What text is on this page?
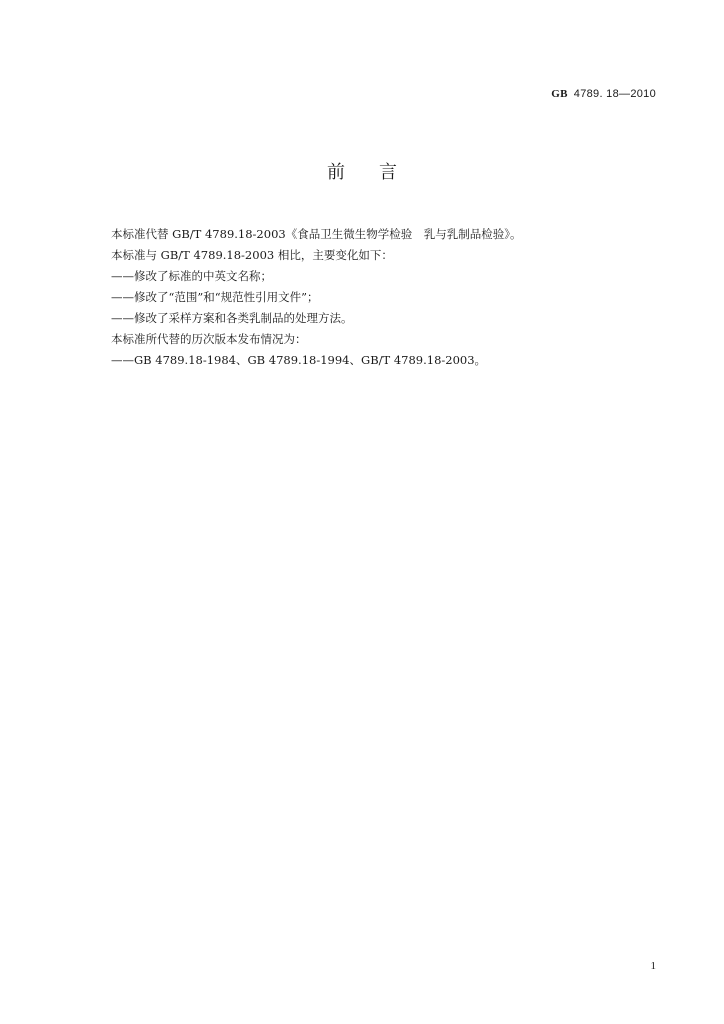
GB 4789. 18—2010
前言
本标准代替 GB/T 4789.18-2003《食品卫生微生物学检验　乳与乳制品检验》。
本标准与 GB/T 4789.18-2003 相比，主要变化如下：
——修改了标准的中英文名称；
——修改了“范围”和“规范性引用文件”；
——修改了采样方案和各类乳制品的处理方法。
本标准所代替的历次版本发布情况为：
——GB 4789.18-1984、GB 4789.18-1994、GB/T 4789.18-2003。
1
